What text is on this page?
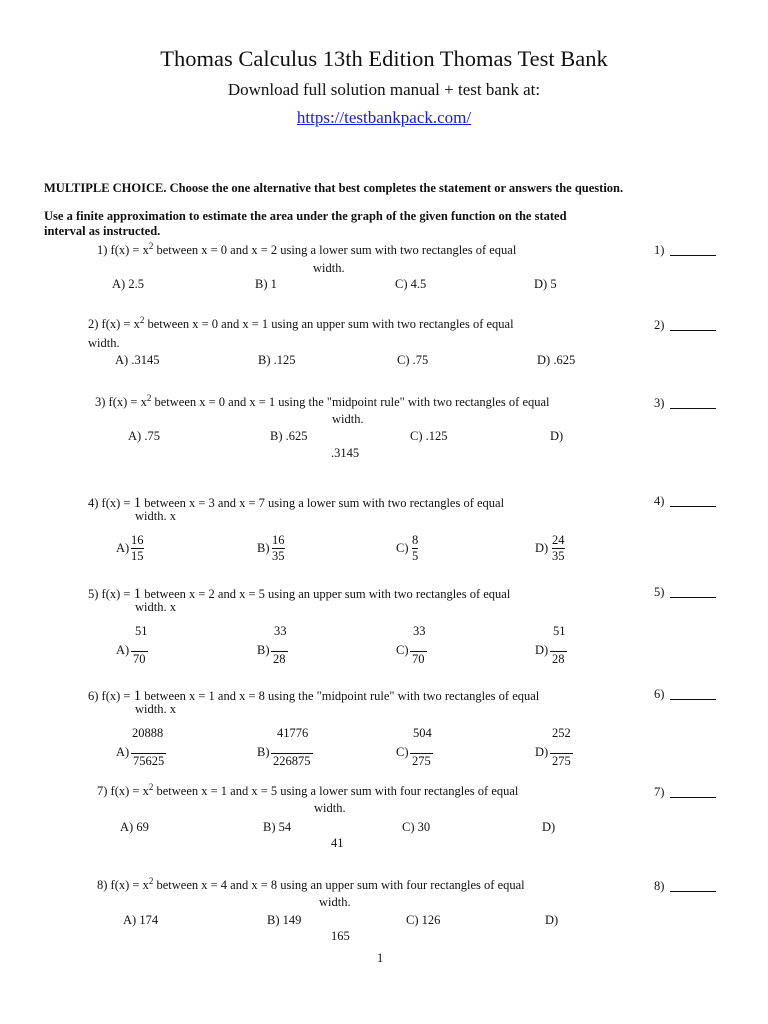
Thomas Calculus 13th Edition Thomas Test Bank
Download full solution manual + test bank at:
https://testbankpack.com/
MULTIPLE CHOICE. Choose the one alternative that best completes the statement or answers the question.
Use a finite approximation to estimate the area under the graph of the given function on the stated
interval as instructed.
1) $f(x) = x^2$ between x = 0 and x = 2 using a lower sum with two rectangles of equal
width.
1)
A) 2.5	B) 1	C) 4.5	D) 5
2) $f(x) = x^2$ between x = 0 and x = 1 using an upper sum with two rectangles of equal
width.
2)
A) .3145	B) .125	C) .75	D) .625
3) $f(x) = x^2$ between x = 0 and x = 1 using the "midpoint rule" with two rectangles of equal
width.
3)
A) .75	B) .625	C) .125	D)
.3145
4) f(x) = 1 between x = 3 and x = 7 using a lower sum with two rectangles of equal
width. x
4)
$A) \frac{16}{15}$	$B) \frac{16}{35}$	$C) \frac{8}{5}$	$D) \frac{24}{35}$
5) f(x) = 1 between x = 2 and x = 5 using an upper sum with two rectangles of equal
width. x
5)
51
A)
70
33
B)
28
33
C)
70
51
D)
28
6) f(x) = 1 between x = 1 and x = 8 using the "midpoint rule" with two rectangles of equal
width. x
6)
20888
A)
75625
41776
B)
226875
504
C)
275
252
D)
275
7) $f(x) = x^2$ between x = 1 and x = 5 using a lower sum with four rectangles of equal
width.
7)
A) 69	B) 54	C) 30	D)
41
8) $f(x) = x^2$ between x = 4 and x = 8 using an upper sum with four rectangles of equal
width.
8)
A) 174	B) 149	C) 126	D)
165
1
